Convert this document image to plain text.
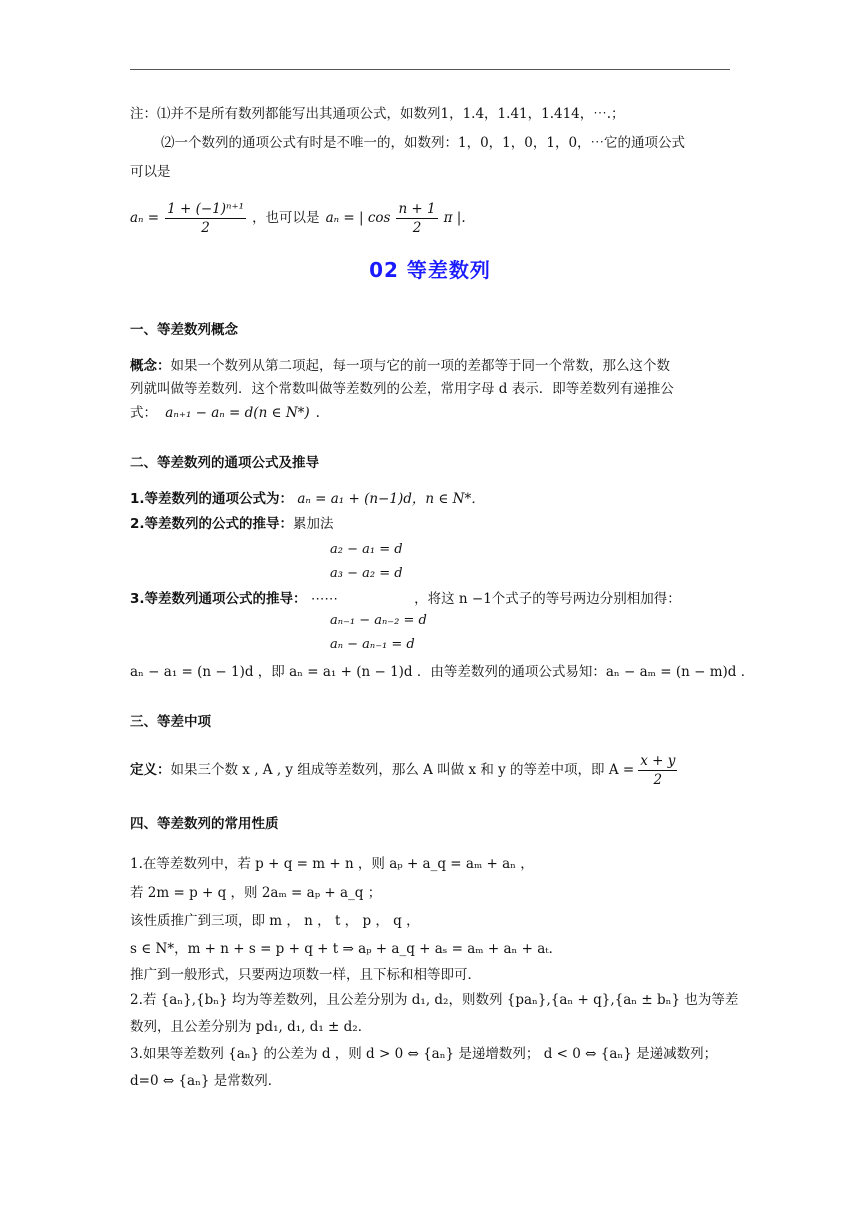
注：⑴并不是所有数列都能写出其通项公式，如数列1，1.4，1.41，1.414，⋯.；
⑵一个数列的通项公式有时是不唯一的，如数列：1，0，1，0，1，0，⋯它的通项公式
可以是
$a_n = \frac{\text{1 + (−1)ⁿ⁺¹}}{2}$ ，也可以是 aₙ = | $\cos \frac{n + 1}{2}$ π |.
02 等差数列
一、等差数列概念
概念：如果一个数列从第二项起，每一项与它的前一项的差都等于同一个常数，那么这个数
列就叫做等差数列．这个常数叫做等差数列的公差，常用字母 d 表示．即等差数列有递推公
式： aₙ₊₁ − aₙ = d(n ∈ N*) .
二、等差数列的通项公式及推导
1.等差数列的通项公式为： aₙ = a₁ + (n−1)d，n ∈ N*．
2.等差数列的公式的推导：累加法
a₂ − a₁ = d
a₃ − a₂ = d
3.等差数列通项公式的推导： ⋯⋯	，将这 n −1个式子的等号两边分别相加得：
aₙ₋₁ − aₙ₋₂ = d
aₙ − aₙ₋₁ = d
aₙ − a₁ = (n − 1)d ，即 aₙ = a₁ + (n − 1)d ．由等差数列的通项公式易知：aₙ − aₘ = (n − m)d ．
三、等差中项
定义： 如果三个数 x , A , y 组成等差数列，那么 A 叫做 x 和 y 的等差中项，即 $A = \frac{x + y}{2}$
四、等差数列的常用性质
1.在等差数列中，若 p + q = m + n ，则 aₚ + a_q = aₘ + aₙ ，
若 2m = p + q ，则 2aₘ = aₚ + a_q ；
该性质推广到三项，即 m ， n ， t ， p ， q ，
s ∈ N*，m + n + s = p + q + t ⇒ aₚ + a_q + aₛ = aₘ + aₙ + aₜ．
推广到一般形式，只要两边项数一样，且下标和相等即可．
2.若 {aₙ},{bₙ} 均为等差数列，且公差分别为 d₁, d₂，则数列 {paₙ},{aₙ + q},{aₙ ± bₙ} 也为等差
数列，且公差分别为 pd₁, d₁, d₁ ± d₂．
3.如果等差数列 {aₙ} 的公差为 d ，则 d > 0 ⇔ {aₙ} 是递增数列； d < 0 ⇔ {aₙ} 是递减数列；
d=0 ⇔ {aₙ} 是常数列．
